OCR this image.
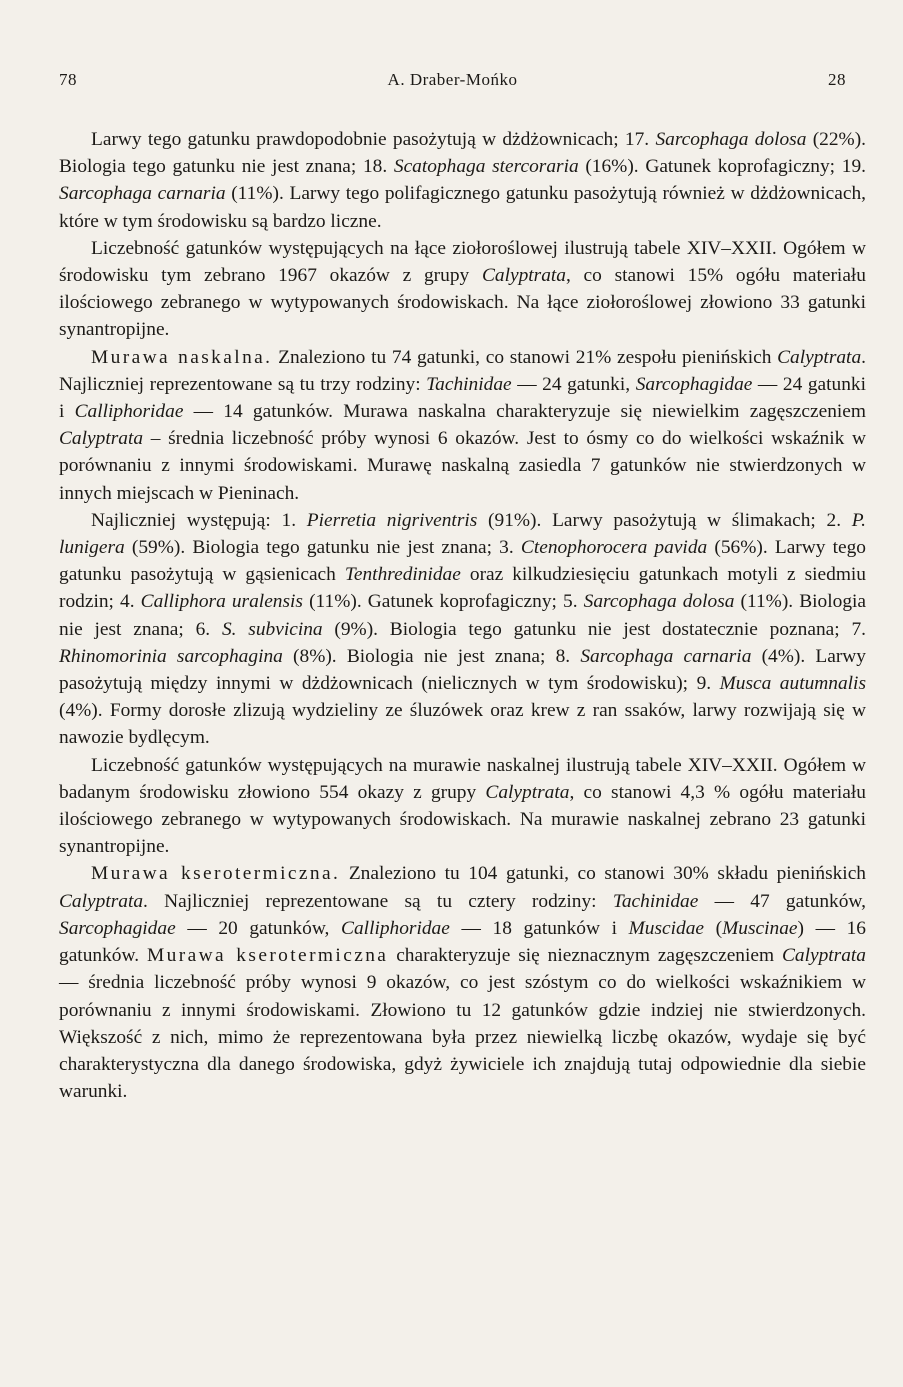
78	A. Draber-Mońko	28

Larwy tego gatunku prawdopodobnie pasożytują w dżdżownicach; 17. Sarcophaga dolosa (22%). Biologia tego gatunku nie jest znana; 18. Scatophaga stercoraria (16%). Gatunek koprofagiczny; 19. Sarcophaga carnaria (11%). Larwy tego polifagicznego gatunku pasożytują również w dżdżownicach, które w tym środowisku są bardzo liczne.

Liczebność gatunków występujących na łące ziołoroślowej ilustrują tabele XIV–XXII. Ogółem w środowisku tym zebrano 1967 okazów z grupy Calyptrata, co stanowi 15% ogółu materiału ilościowego zebranego w wytypowanych środowiskach. Na łące ziołoroślowej złowiono 33 gatunki synantropijne.

Murawa naskalna. Znaleziono tu 74 gatunki, co stanowi 21% zespołu pienińskich Calyptrata. Najliczniej reprezentowane są tu trzy rodziny: Tachinidae — 24 gatunki, Sarcophagidae — 24 gatunki i Calliphoridae — 14 gatunków. Murawa naskalna charakteryzuje się niewielkim zagęszczeniem Calyptrata – średnia liczebność próby wynosi 6 okazów. Jest to ósmy co do wielkości wskaźnik w porównaniu z innymi środowiskami. Murawę naskalną zasiedla 7 gatunków nie stwierdzonych w innych miejscach w Pieninach.

Najliczniej występują: 1. Pierretia nigriventris (91%). Larwy pasożytują w ślimakach; 2. P. lunigera (59%). Biologia tego gatunku nie jest znana; 3. Ctenophorocera pavida (56%). Larwy tego gatunku pasożytują w gąsienicach Tenthredinidae oraz kilkudziesięciu gatunkach motyli z siedmiu rodzin; 4. Calliphora uralensis (11%). Gatunek koprofagiczny; 5. Sarcophaga dolosa (11%). Biologia nie jest znana; 6. S. subvicina (9%). Biologia tego gatunku nie jest dostatecznie poznana; 7. Rhinomorinia sarcophagina (8%). Biologia nie jest znana; 8. Sarcophaga carnaria (4%). Larwy pasożytują między innymi w dżdżownicach (nielicznych w tym środowisku); 9. Musca autumnalis (4%). Formy dorosłe zlizują wydzieliny ze śluzówek oraz krew z ran ssaków, larwy rozwijają się w nawozie bydlęcym.

Liczebność gatunków występujących na murawie naskalnej ilustrują tabele XIV–XXII. Ogółem w badanym środowisku złowiono 554 okazy z grupy Calyptrata, co stanowi 4,3 % ogółu materiału ilościowego zebranego w wytypowanych środowiskach. Na murawie naskalnej zebrano 23 gatunki synantropijne.

Murawa kserotermiczna. Znaleziono tu 104 gatunki, co stanowi 30% składu pienińskich Calyptrata. Najliczniej reprezentowane są tu cztery rodziny: Tachinidae — 47 gatunków, Sarcophagidae — 20 gatunków, Calliphoridae — 18 gatunków i Muscidae (Muscinae) — 16 gatunków. Murawa kserotermiczna charakteryzuje się nieznacznym zagęszczeniem Calyptrata — średnia liczebność próby wynosi 9 okazów, co jest szóstym co do wielkości wskaźnikiem w porównaniu z innymi środowiskami. Złowiono tu 12 gatunków gdzie indziej nie stwierdzonych. Większość z nich, mimo że reprezentowana była przez niewielką liczbę okazów, wydaje się być charakterystyczna dla danego środowiska, gdyż żywiciele ich znajdują tutaj odpowiednie dla siebie warunki.
